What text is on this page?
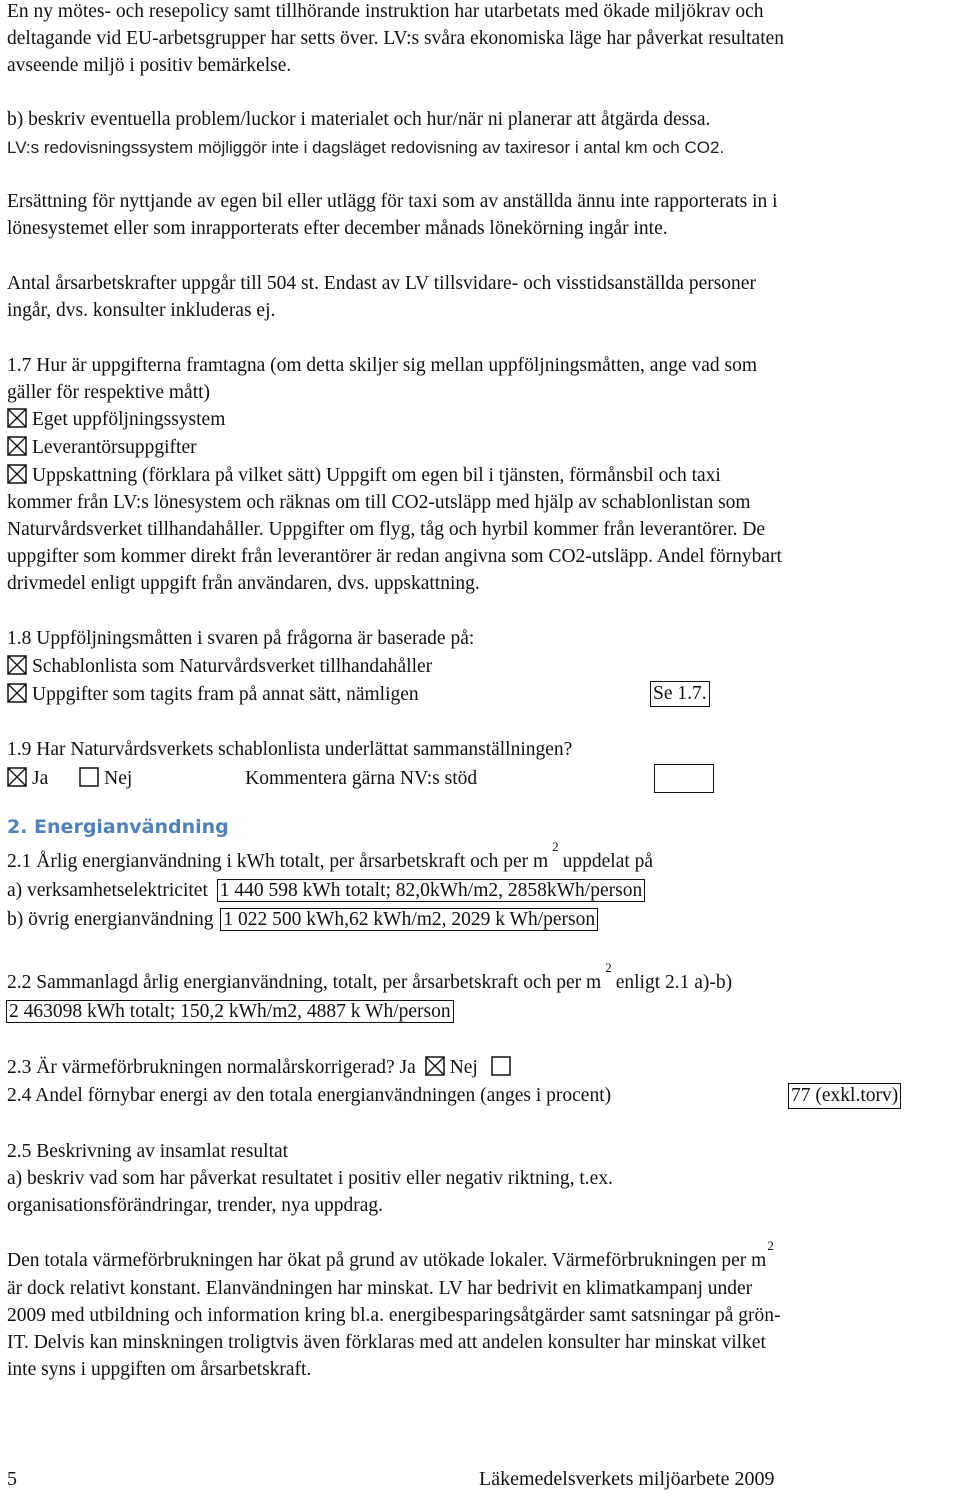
En ny mötes- och resepolicy samt tillhörande instruktion har utarbetats med ökade miljökrav och
deltagande vid EU-arbetsgrupper har setts över. LV:s svåra ekonomiska läge har påverkat resultaten
avseende miljö i positiv bemärkelse.
b) beskriv eventuella problem/luckor i materialet och hur/när ni planerar att åtgärda dessa.
LV:s redovisningssystem möjliggör inte i dagsläget redovisning av taxiresor i antal km och CO2.
Ersättning för nyttjande av egen bil eller utlägg för taxi som av anställda ännu inte rapporterats in i
lönesystemet eller som inrapporterats efter december månads lönekörning ingår inte.
Antal årsarbetskrafter uppgår till 504 st. Endast av LV tillsvidare- och visstidsanställda personer
ingår, dvs. konsulter inkluderas ej.
1.7 Hur är uppgifterna framtagna (om detta skiljer sig mellan uppföljningsmåtten, ange vad som
gäller för respektive mått)
Eget uppföljningssystem
Leverantörsuppgifter
Uppskattning (förklara på vilket sätt) Uppgift om egen bil i tjänsten, förmånsbil och taxi
kommer från LV:s lönesystem och räknas om till CO2-utsläpp med hjälp av schablonlistan som
Naturvårdsverket tillhandahåller. Uppgifter om flyg, tåg och hyrbil kommer från leverantörer. De
uppgifter som kommer direkt från leverantörer är redan angivna som CO2-utsläpp. Andel förnybart
drivmedel enligt uppgift från användaren, dvs. uppskattning.
1.8 Uppföljningsmåtten i svaren på frågorna är baserade på:
Schablonlista som Naturvårdsverket tillhandahåller
Uppgifter som tagits fram på annat sätt, nämligen	Se 1.7.
1.9 Har Naturvårdsverkets schablonlista underlättat sammanställningen?
Ja	Nej	Kommentera gärna NV:s stöd
2. Energianvändning
2.1 Årlig energianvändning i kWh totalt, per årsarbetskraft och per $m^2uppdelat$ på
a) verksamhetselektricitet 1 440 598 kWh totalt; 82,0kWh/m2, 2858kWh/person
b) övrig energianvändning 1 022 500 kWh,62 kWh/m2, 2029 k Wh/person
2.2 Sammanlagd årlig energianvändning, totalt, per årsarbetskraft och per $m^2enligt$ 2.1 a)-b)
2 463098 kWh totalt; 150,2 kWh/m2, 4887 k Wh/person
2.3 Är värmeförbrukningen normalårskorrigerad? Ja Nej
2.4 Andel förnybar energi av den totala energianvändningen (anges i procent)	77 (exkl.torv)
2.5 Beskrivning av insamlat resultat
a) beskriv vad som har påverkat resultatet i positiv eller negativ riktning, t.ex.
organisationsförändringar, trender, nya uppdrag.
Den totala värmeförbrukningen har ökat på grund av utökade lokaler. Värmeförbrukningen per $m^2$
är dock relativt konstant. Elanvändningen har minskat. LV har bedrivit en klimatkampanj under
2009 med utbildning och information kring bl.a. energibesparingsåtgärder samt satsningar på grön-
IT. Delvis kan minskningen troligtvis även förklaras med att andelen konsulter har minskat vilket
inte syns i uppgiften om årsarbetskraft.
5	Läkemedelsverkets miljöarbete 2009
